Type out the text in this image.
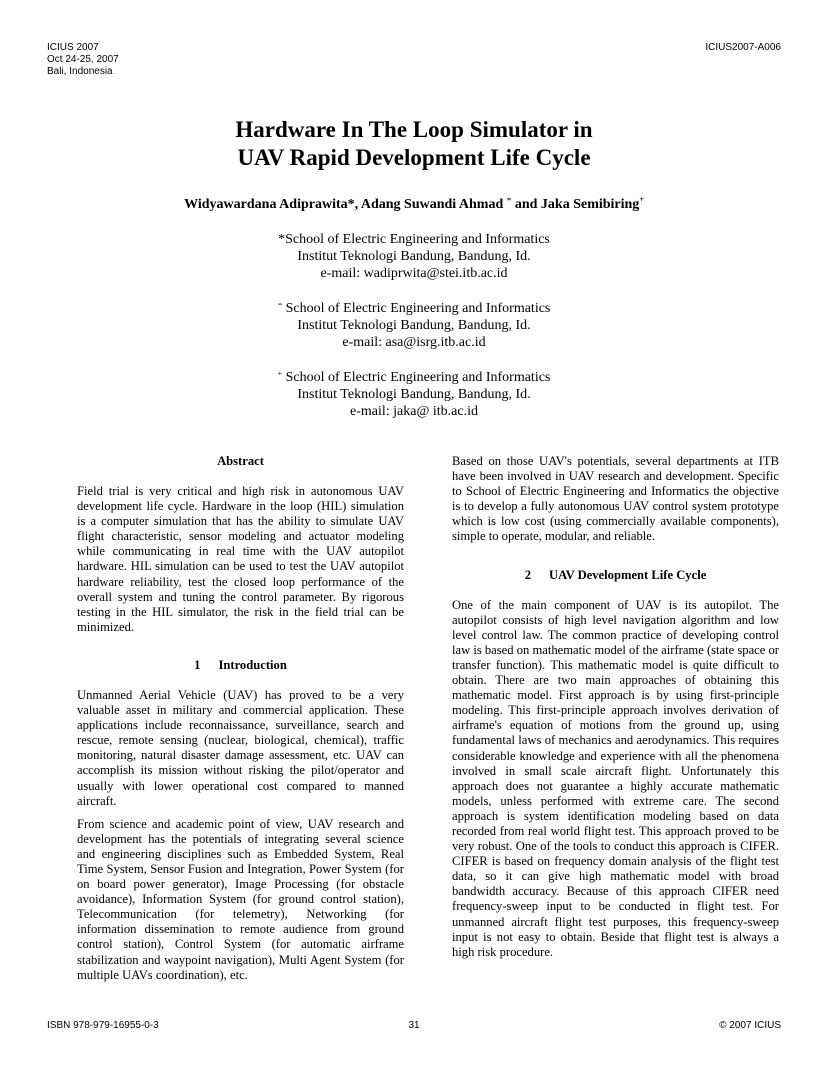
ICIUS 2007
Oct 24-25, 2007
Bali, Indonesia
ICIUS2007-A006
Hardware In The Loop Simulator in
UAV Rapid Development Life Cycle
Widyawardana Adiprawita*, Adang Suwandi Ahmad = and Jaka Semibiring+
*School of Electric Engineering and Informatics
Institut Teknologi Bandung, Bandung, Id.
e-mail: wadiprwita@stei.itb.ac.id
= School of Electric Engineering and Informatics
Institut Teknologi Bandung, Bandung, Id.
e-mail: asa@isrg.itb.ac.id
+ School of Electric Engineering and Informatics
Institut Teknologi Bandung, Bandung, Id.
e-mail: jaka@ itb.ac.id
Abstract

Field trial is very critical and high risk in autonomous UAV development life cycle. Hardware in the loop (HIL) simulation is a computer simulation that has the ability to simulate UAV flight characteristic, sensor modeling and actuator modeling while communicating in real time with the UAV autopilot hardware. HIL simulation can be used to test the UAV autopilot hardware reliability, test the closed loop performance of the overall system and tuning the control parameter. By rigorous testing in the HIL simulator, the risk in the field trial can be minimized.

1 Introduction

Unmanned Aerial Vehicle (UAV) has proved to be a very valuable asset in military and commercial application. These applications include reconnaissance, surveillance, search and rescue, remote sensing (nuclear, biological, chemical), traffic monitoring, natural disaster damage assessment, etc. UAV can accomplish its mission without risking the pilot/operator and usually with lower operational cost compared to manned aircraft.

From science and academic point of view, UAV research and development has the potentials of integrating several science and engineering disciplines such as Embedded System, Real Time System, Sensor Fusion and Integration, Power System (for on board power generator), Image Processing (for obstacle avoidance), Information System (for ground control station), Telecommunication (for telemetry), Networking (for information dissemination to remote audience from ground control station), Control System (for automatic airframe stabilization and waypoint navigation), Multi Agent System (for multiple UAVs coordination), etc.

Based on those UAV's potentials, several departments at ITB have been involved in UAV research and development. Specific to School of Electric Engineering and Informatics the objective is to develop a fully autonomous UAV control system prototype which is low cost (using commercially available components), simple to operate, modular, and reliable.

2 UAV Development Life Cycle

One of the main component of UAV is its autopilot. The autopilot consists of high level navigation algorithm and low level control law. The common practice of developing control law is based on mathematic model of the airframe (state space or transfer function). This mathematic model is quite difficult to obtain. There are two main approaches of obtaining this mathematic model. First approach is by using first-principle modeling. This first-principle approach involves derivation of airframe's equation of motions from the ground up, using fundamental laws of mechanics and aerodynamics. This requires considerable knowledge and experience with all the phenomena involved in small scale aircraft flight. Unfortunately this approach does not guarantee a highly accurate mathematic models, unless performed with extreme care. The second approach is system identification modeling based on data recorded from real world flight test. This approach proved to be very robust. One of the tools to conduct this approach is CIFER. CIFER is based on frequency domain analysis of the flight test data, so it can give high mathematic model with broad bandwidth accuracy. Because of this approach CIFER need frequency-sweep input to be conducted in flight test. For unmanned aircraft flight test purposes, this frequency-sweep input is not easy to obtain. Beside that flight test is always a high risk procedure.

ISBN 978-979-16955-0-3	31	© 2007 ICIUS
